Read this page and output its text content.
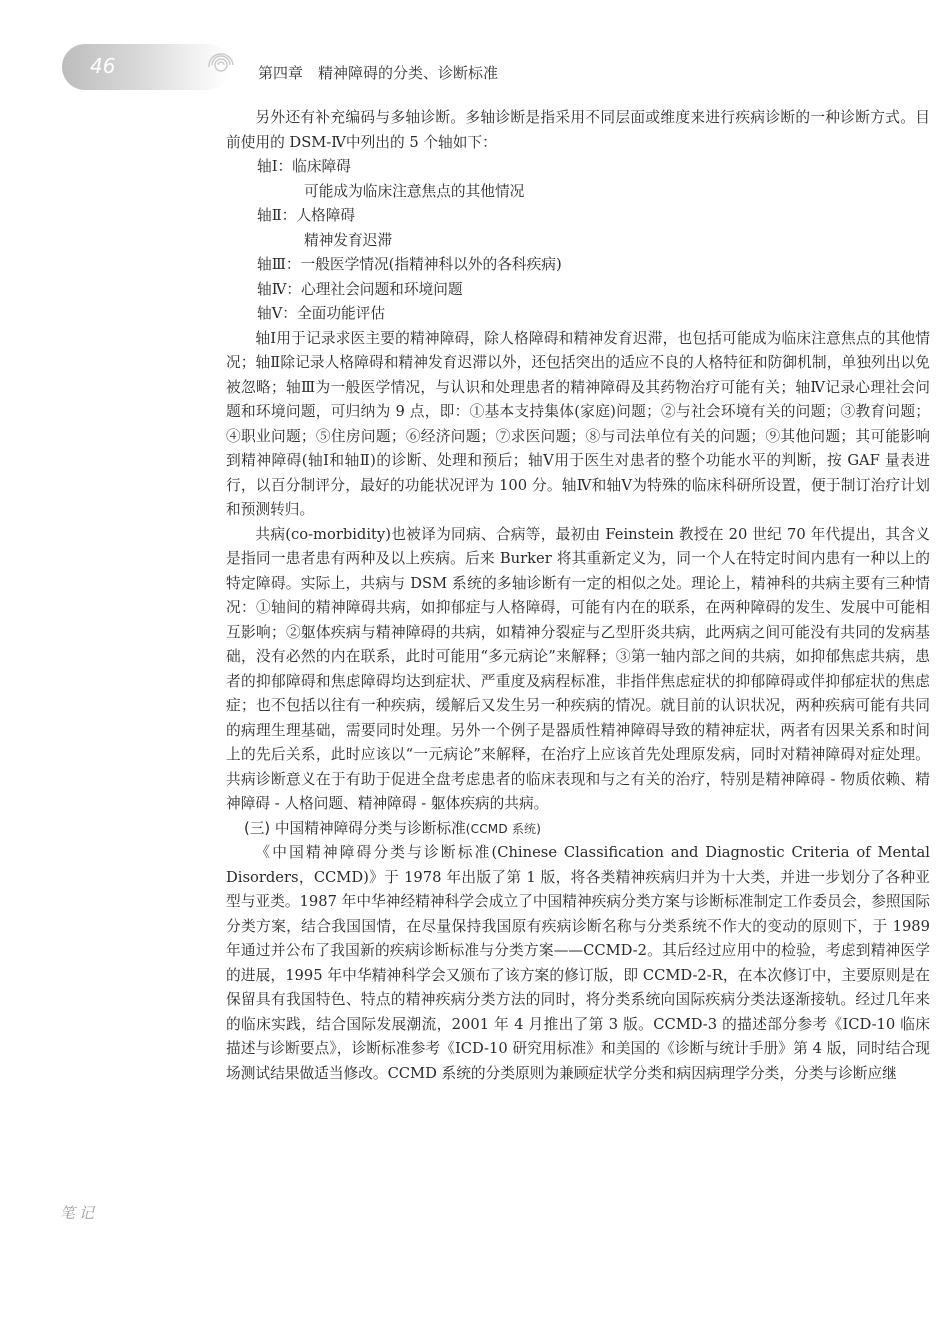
46	第四章　精神障碍的分类、诊断标准

另外还有补充编码与多轴诊断。多轴诊断是指采用不同层面或维度来进行疾病诊断的一种诊断方式。目前使用的 DSM-Ⅳ中列出的 5 个轴如下：

轴Ⅰ：临床障碍

可能成为临床注意焦点的其他情况

轴Ⅱ：人格障碍

精神发育迟滞

轴Ⅲ：一般医学情况(指精神科以外的各科疾病)

轴Ⅳ：心理社会问题和环境问题

轴Ⅴ：全面功能评估

轴Ⅰ用于记录求医主要的精神障碍，除人格障碍和精神发育迟滞，也包括可能成为临床注意焦点的其他情况；轴Ⅱ除记录人格障碍和精神发育迟滞以外，还包括突出的适应不良的人格特征和防御机制，单独列出以免被忽略；轴Ⅲ为一般医学情况，与认识和处理患者的精神障碍及其药物治疗可能有关；轴Ⅳ记录心理社会问题和环境问题，可归纳为 9 点，即：①基本支持集体(家庭)问题；②与社会环境有关的问题；③教育问题；④职业问题；⑤住房问题；⑥经济问题；⑦求医问题；⑧与司法单位有关的问题；⑨其他问题；其可能影响到精神障碍(轴Ⅰ和轴Ⅱ)的诊断、处理和预后；轴Ⅴ用于医生对患者的整个功能水平的判断，按 GAF 量表进行，以百分制评分，最好的功能状况评为 100 分。轴Ⅳ和轴Ⅴ为特殊的临床科研所设置，便于制订治疗计划和预测转归。

共病(co-morbidity)也被译为同病、合病等，最初由 Feinstein 教授在 20 世纪 70 年代提出，其含义是指同一患者患有两种及以上疾病。后来 Burker 将其重新定义为，同一个人在特定时间内患有一种以上的特定障碍。实际上，共病与 DSM 系统的多轴诊断有一定的相似之处。理论上，精神科的共病主要有三种情况：①轴间的精神障碍共病，如抑郁症与人格障碍，可能有内在的联系，在两种障碍的发生、发展中可能相互影响；②躯体疾病与精神障碍的共病，如精神分裂症与乙型肝炎共病，此两病之间可能没有共同的发病基础，没有必然的内在联系，此时可能用“多元病论”来解释；③第一轴内部之间的共病，如抑郁焦虑共病，患者的抑郁障碍和焦虑障碍均达到症状、严重度及病程标准，非指伴焦虑症状的抑郁障碍或伴抑郁症状的焦虑症；也不包括以往有一种疾病，缓解后又发生另一种疾病的情况。就目前的认识状况，两种疾病可能有共同的病理生理基础，需要同时处理。另外一个例子是器质性精神障碍导致的精神症状，两者有因果关系和时间上的先后关系，此时应该以“一元病论”来解释，在治疗上应该首先处理原发病，同时对精神障碍对症处理。共病诊断意义在于有助于促进全盘考虑患者的临床表现和与之有关的治疗，特别是精神障碍 - 物质依赖、精神障碍 - 人格问题、精神障碍 - 躯体疾病的共病。

(三) 中国精神障碍分类与诊断标准(CCMD 系统)

《中国精神障碍分类与诊断标准(Chinese Classification and Diagnostic Criteria of Mental Disorders，CCMD)》于 1978 年出版了第 1 版，将各类精神疾病归并为十大类，并进一步划分了各种亚型与亚类。1987 年中华神经精神科学会成立了中国精神疾病分类方案与诊断标准制定工作委员会，参照国际分类方案，结合我国国情，在尽量保持我国原有疾病诊断名称与分类系统不作大的变动的原则下，于 1989 年通过并公布了我国新的疾病诊断标准与分类方案——CCMD-2。其后经过应用中的检验，考虑到精神医学的进展，1995 年中华精神科学会又颁布了该方案的修订版，即 CCMD-2-R，在本次修订中，主要原则是在保留具有我国特色、特点的精神疾病分类方法的同时，将分类系统向国际疾病分类法逐渐接轨。经过几年来的临床实践，结合国际发展潮流，2001 年 4 月推出了第 3 版。CCMD-3 的描述部分参考《ICD-10 临床描述与诊断要点》，诊断标准参考《ICD-10 研究用标准》和美国的《诊断与统计手册》第 4 版，同时结合现场测试结果做适当修改。CCMD 系统的分类原则为兼顾症状学分类和病因病理学分类，分类与诊断应继

笔记
